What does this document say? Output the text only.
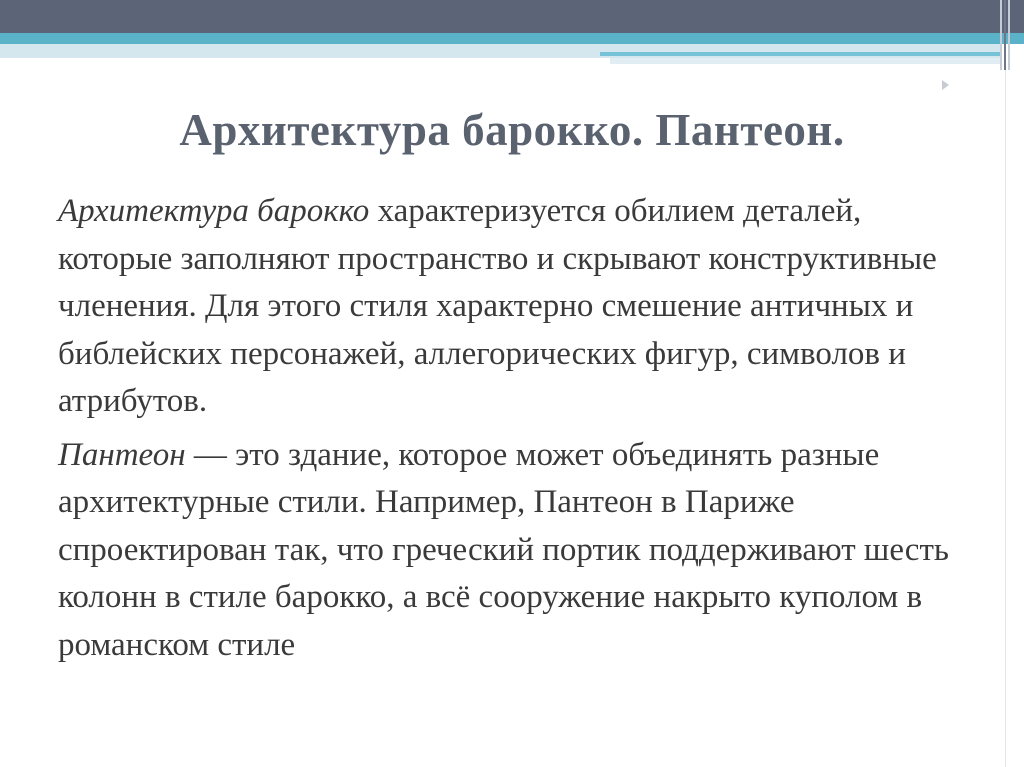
Архитектура барокко. Пантеон.

Архитектура барокко характеризуется обилием деталей, которые заполняют пространство и скрывают конструктивные членения. Для этого стиля характерно смешение античных и библейских персонажей, аллегорических фигур, символов и атрибутов.

Пантеон — это здание, которое может объединять разные архитектурные стили. Например, Пантеон в Париже спроектирован так, что греческий портик поддерживают шесть колонн в стиле барокко, а всё сооружение накрыто куполом в романском стиле
